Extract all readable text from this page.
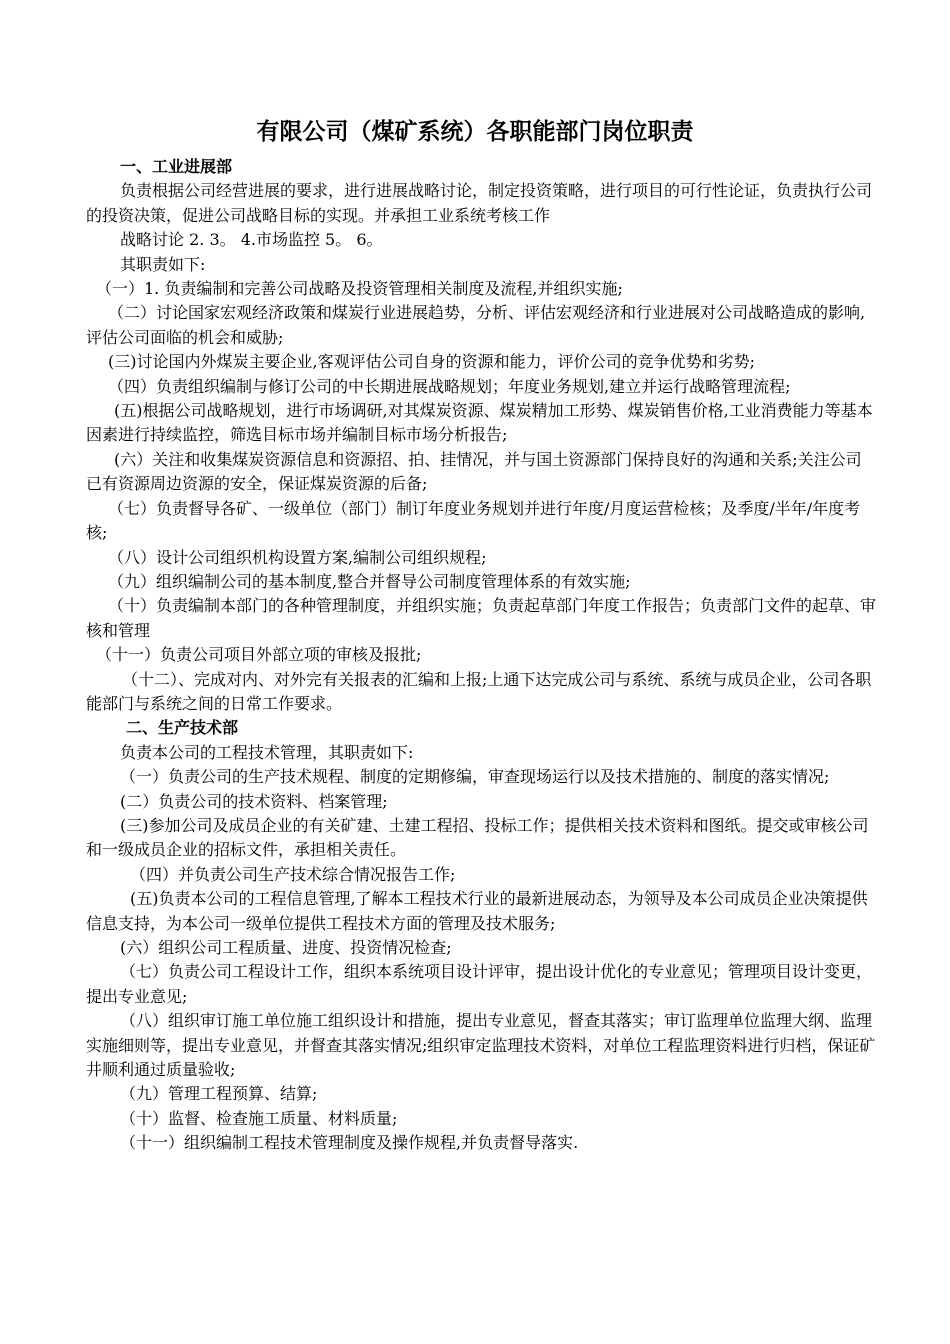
有限公司（煤矿系统）各职能部门岗位职责

一、工业进展部

负责根据公司经营进展的要求，进行进展战略讨论，制定投资策略，进行项目的可行性论证，负责执行公司的投资决策，促进公司战略目标的实现。并承担工业系统考核工作

战略讨论 2. 3。 4.市场监控 5。 6。

其职责如下:

（一）1. 负责编制和完善公司战略及投资管理相关制度及流程,并组织实施;

（二）讨论国家宏观经济政策和煤炭行业进展趋势，分析、评估宏观经济和行业进展对公司战略造成的影响,评估公司面临的机会和威胁;

(三)讨论国内外煤炭主要企业,客观评估公司自身的资源和能力，评价公司的竞争优势和劣势;

（四）负责组织编制与修订公司的中长期进展战略规划；年度业务规划,建立并运行战略管理流程;

(五)根据公司战略规划，进行市场调研,对其煤炭资源、煤炭精加工形势、煤炭销售价格,工业消费能力等基本因素进行持续监控，筛选目标市场并编制目标市场分析报告;

(六）关注和收集煤炭资源信息和资源招、拍、挂情况，并与国土资源部门保持良好的沟通和关系;关注公司已有资源周边资源的安全，保证煤炭资源的后备;

（七）负责督导各矿、一级单位（部门）制订年度业务规划并进行年度/月度运营检核；及季度/半年/年度考核;

（八）设计公司组织机构设置方案,编制公司组织规程;

（九）组织编制公司的基本制度,整合并督导公司制度管理体系的有效实施;

（十）负责编制本部门的各种管理制度，并组织实施；负责起草部门年度工作报告；负责部门文件的起草、审核和管理

（十一）负责公司项目外部立项的审核及报批;

（十二）、完成对内、对外完有关报表的汇编和上报;上通下达完成公司与系统、系统与成员企业，公司各职能部门与系统之间的日常工作要求。

二、生产技术部

负责本公司的工程技术管理，其职责如下:

（一）负责公司的生产技术规程、制度的定期修编，审查现场运行以及技术措施的、制度的落实情况;

(二）负责公司的技术资料、档案管理;

(三)参加公司及成员企业的有关矿建、土建工程招、投标工作；提供相关技术资料和图纸。提交或审核公司和一级成员企业的招标文件，承担相关责任。

（四）并负责公司生产技术综合情况报告工作;

(五)负责本公司的工程信息管理,了解本工程技术行业的最新进展动态，为领导及本公司成员企业决策提供信息支持，为本公司一级单位提供工程技术方面的管理及技术服务;

(六）组织公司工程质量、进度、投资情况检查;

（七）负责公司工程设计工作，组织本系统项目设计评审，提出设计优化的专业意见；管理项目设计变更，提出专业意见;

（八）组织审订施工单位施工组织设计和措施，提出专业意见，督查其落实；审订监理单位监理大纲、监理实施细则等，提出专业意见，并督查其落实情况;组织审定监理技术资料，对单位工程监理资料进行归档，保证矿井顺利通过质量验收;

（九）管理工程预算、结算;

（十）监督、检查施工质量、材料质量;

（十一）组织编制工程技术管理制度及操作规程,并负责督导落实.
